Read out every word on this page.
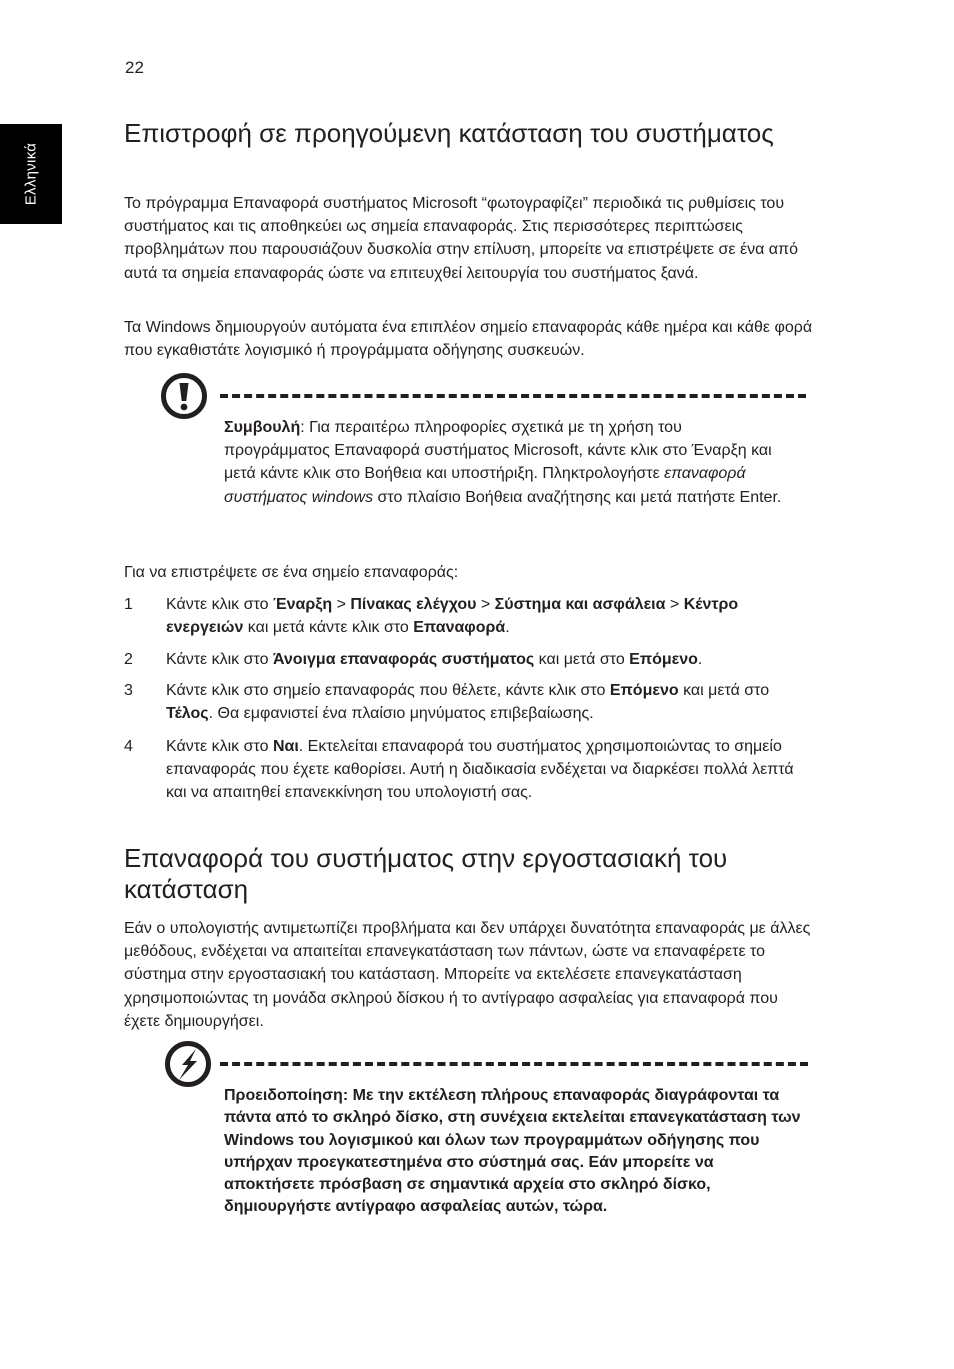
22
Ελληνικά
Επιστροφή σε προηγούμενη κατάσταση του συστήματος

Το πρόγραμμα Επαναφορά συστήματος Microsoft “φωτογραφίζει” περιοδικά τις ρυθμίσεις του συστήματος και τις αποθηκεύει ως σημεία επαναφοράς. Στις περισσότερες περιπτώσεις προβλημάτων που παρουσιάζουν δυσκολία στην επίλυση, μπορείτε να επιστρέψετε σε ένα από αυτά τα σημεία επαναφοράς ώστε να επιτευχθεί λειτουργία του συστήματος ξανά.

Τα Windows δημιουργούν αυτόματα ένα επιπλέον σημείο επαναφοράς κάθε ημέρα και κάθε φορά που εγκαθιστάτε λογισμικό ή προγράμματα οδήγησης συσκευών.

Συμβουλή: Για περαιτέρω πληροφορίες σχετικά με τη χρήση του προγράμματος Επαναφορά συστήματος Microsoft, κάντε κλικ στο Έναρξη και μετά κάντε κλικ στο Βοήθεια και υποστήριξη. Πληκτρολογήστε επαναφορά συστήματος windows στο πλαίσιο Βοήθεια αναζήτησης και μετά πατήστε Enter.

Για να επιστρέψετε σε ένα σημείο επαναφοράς:

1 Κάντε κλικ στο Έναρξη > Πίνακας ελέγχου > Σύστημα και ασφάλεια > Κέντρο ενεργειών και μετά κάντε κλικ στο Επαναφορά.
2 Κάντε κλικ στο Άνοιγμα επαναφοράς συστήματος και μετά στο Επόμενο.
3 Κάντε κλικ στο σημείο επαναφοράς που θέλετε, κάντε κλικ στο Επόμενο και μετά στο Τέλος. Θα εμφανιστεί ένα πλαίσιο μηνύματος επιβεβαίωσης.
4 Κάντε κλικ στο Ναι. Εκτελείται επαναφορά του συστήματος χρησιμοποιώντας το σημείο επαναφοράς που έχετε καθορίσει. Αυτή η διαδικασία ενδέχεται να διαρκέσει πολλά λεπτά και να απαιτηθεί επανεκκίνηση του υπολογιστή σας.
Επαναφορά του συστήματος στην εργοστασιακή του κατάσταση

Εάν ο υπολογιστής αντιμετωπίζει προβλήματα και δεν υπάρχει δυνατότητα επαναφοράς με άλλες μεθόδους, ενδέχεται να απαιτείται επανεγκατάσταση των πάντων, ώστε να επαναφέρετε το σύστημα στην εργοστασιακή του κατάσταση. Μπορείτε να εκτελέσετε επανεγκατάσταση χρησιμοποιώντας τη μονάδα σκληρού δίσκου ή το αντίγραφο ασφαλείας για επαναφορά που έχετε δημιουργήσει.

Προειδοποίηση: Με την εκτέλεση πλήρους επαναφοράς διαγράφονται τα πάντα από το σκληρό δίσκο, στη συνέχεια εκτελείται επανεγκατάσταση των Windows του λογισμικού και όλων των προγραμμάτων οδήγησης που υπήρχαν προεγκατεστημένα στο σύστημά σας. Εάν μπορείτε να αποκτήσετε πρόσβαση σε σημαντικά αρχεία στο σκληρό δίσκο, δημιουργήστε αντίγραφο ασφαλείας αυτών, τώρα.
